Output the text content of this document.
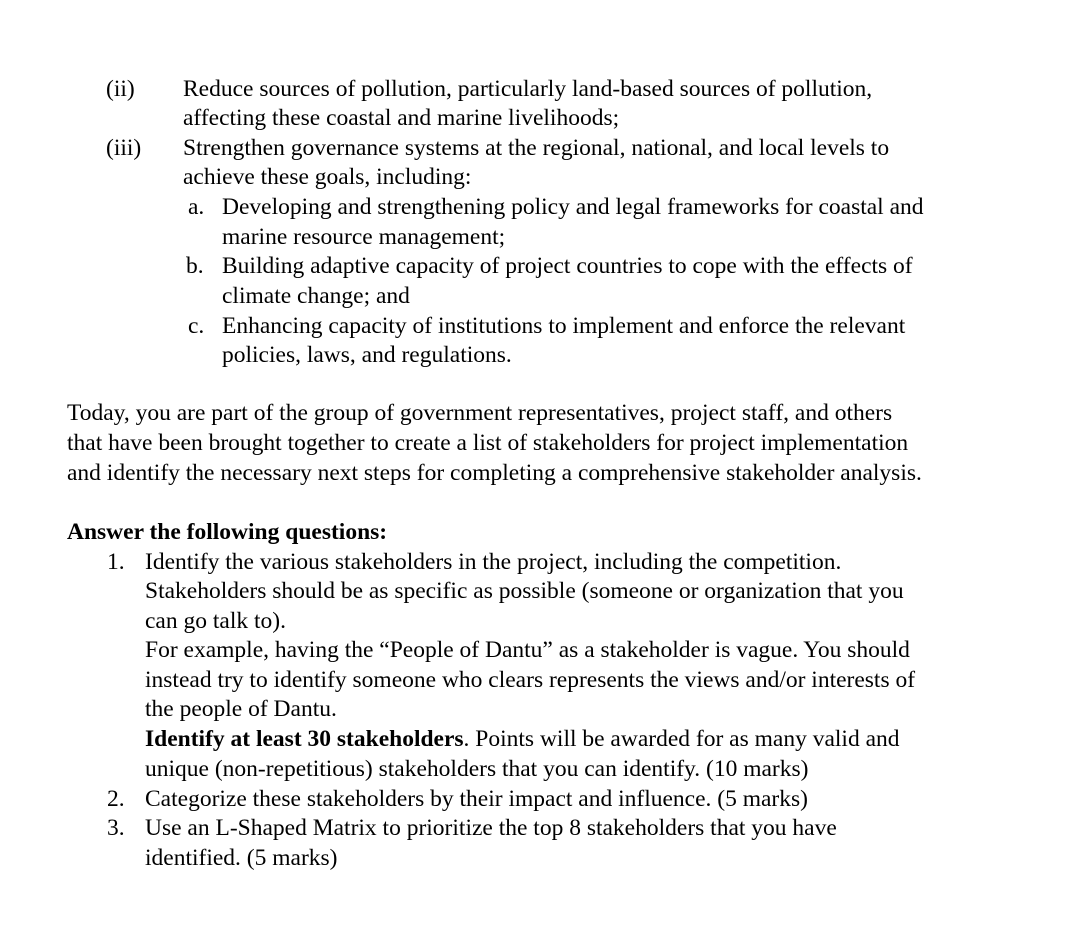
(ii) Reduce sources of pollution, particularly land-based sources of pollution,
affecting these coastal and marine livelihoods;
(iii) Strengthen governance systems at the regional, national, and local levels to
achieve these goals, including:
a. Developing and strengthening policy and legal frameworks for coastal and
marine resource management;
b. Building adaptive capacity of project countries to cope with the effects of
climate change; and
c. Enhancing capacity of institutions to implement and enforce the relevant
policies, laws, and regulations.
Today, you are part of the group of government representatives, project staff, and others
that have been brought together to create a list of stakeholders for project implementation
and identify the necessary next steps for completing a comprehensive stakeholder analysis.
Answer the following questions:
1. Identify the various stakeholders in the project, including the competition.
Stakeholders should be as specific as possible (someone or organization that you
can go talk to).
For example, having the “People of Dantu” as a stakeholder is vague. You should
instead try to identify someone who clears represents the views and/or interests of
the people of Dantu.
Identify at least 30 stakeholders. Points will be awarded for as many valid and
unique (non-repetitious) stakeholders that you can identify. (10 marks)
2. Categorize these stakeholders by their impact and influence. (5 marks)
3. Use an L-Shaped Matrix to prioritize the top 8 stakeholders that you have
identified. (5 marks)
